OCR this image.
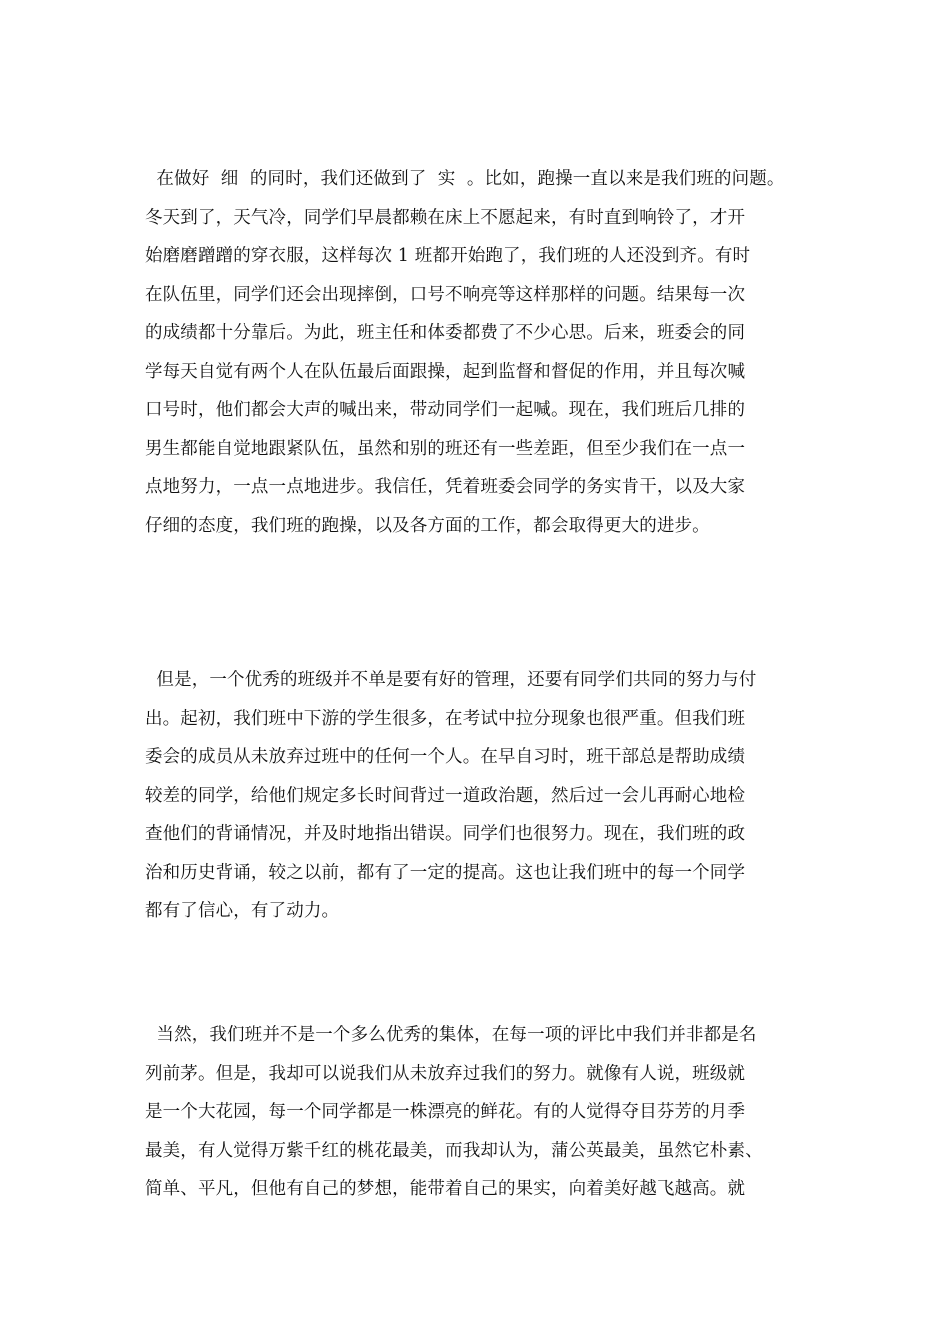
在做好  细  的同时，我们还做到了  实  。比如，跑操一直以来是我们班的问题。
冬天到了，天气冷，同学们早晨都赖在床上不愿起来，有时直到响铃了，才开
始磨磨蹭蹭的穿衣服，这样每次 1 班都开始跑了，我们班的人还没到齐。有时
在队伍里，同学们还会出现摔倒，口号不响亮等这样那样的问题。结果每一次
的成绩都十分靠后。为此，班主任和体委都费了不少心思。后来，班委会的同
学每天自觉有两个人在队伍最后面跟操，起到监督和督促的作用，并且每次喊
口号时，他们都会大声的喊出来，带动同学们一起喊。现在，我们班后几排的
男生都能自觉地跟紧队伍，虽然和别的班还有一些差距，但至少我们在一点一
点地努力，一点一点地进步。我信任，凭着班委会同学的务实肯干，以及大家
仔细的态度，我们班的跑操，以及各方面的工作，都会取得更大的进步。
但是，一个优秀的班级并不单是要有好的管理，还要有同学们共同的努力与付
出。起初，我们班中下游的学生很多，在考试中拉分现象也很严重。但我们班
委会的成员从未放弃过班中的任何一个人。在早自习时，班干部总是帮助成绩
较差的同学，给他们规定多长时间背过一道政治题，然后过一会儿再耐心地检
查他们的背诵情况，并及时地指出错误。同学们也很努力。现在，我们班的政
治和历史背诵，较之以前，都有了一定的提高。这也让我们班中的每一个同学
都有了信心，有了动力。
当然，我们班并不是一个多么优秀的集体，在每一项的评比中我们并非都是名
列前茅。但是，我却可以说我们从未放弃过我们的努力。就像有人说，班级就
是一个大花园，每一个同学都是一株漂亮的鲜花。有的人觉得夺目芬芳的月季
最美，有人觉得万紫千红的桃花最美，而我却认为，蒲公英最美，虽然它朴素、
简单、平凡，但他有自己的梦想，能带着自己的果实，向着美好越飞越高。就
